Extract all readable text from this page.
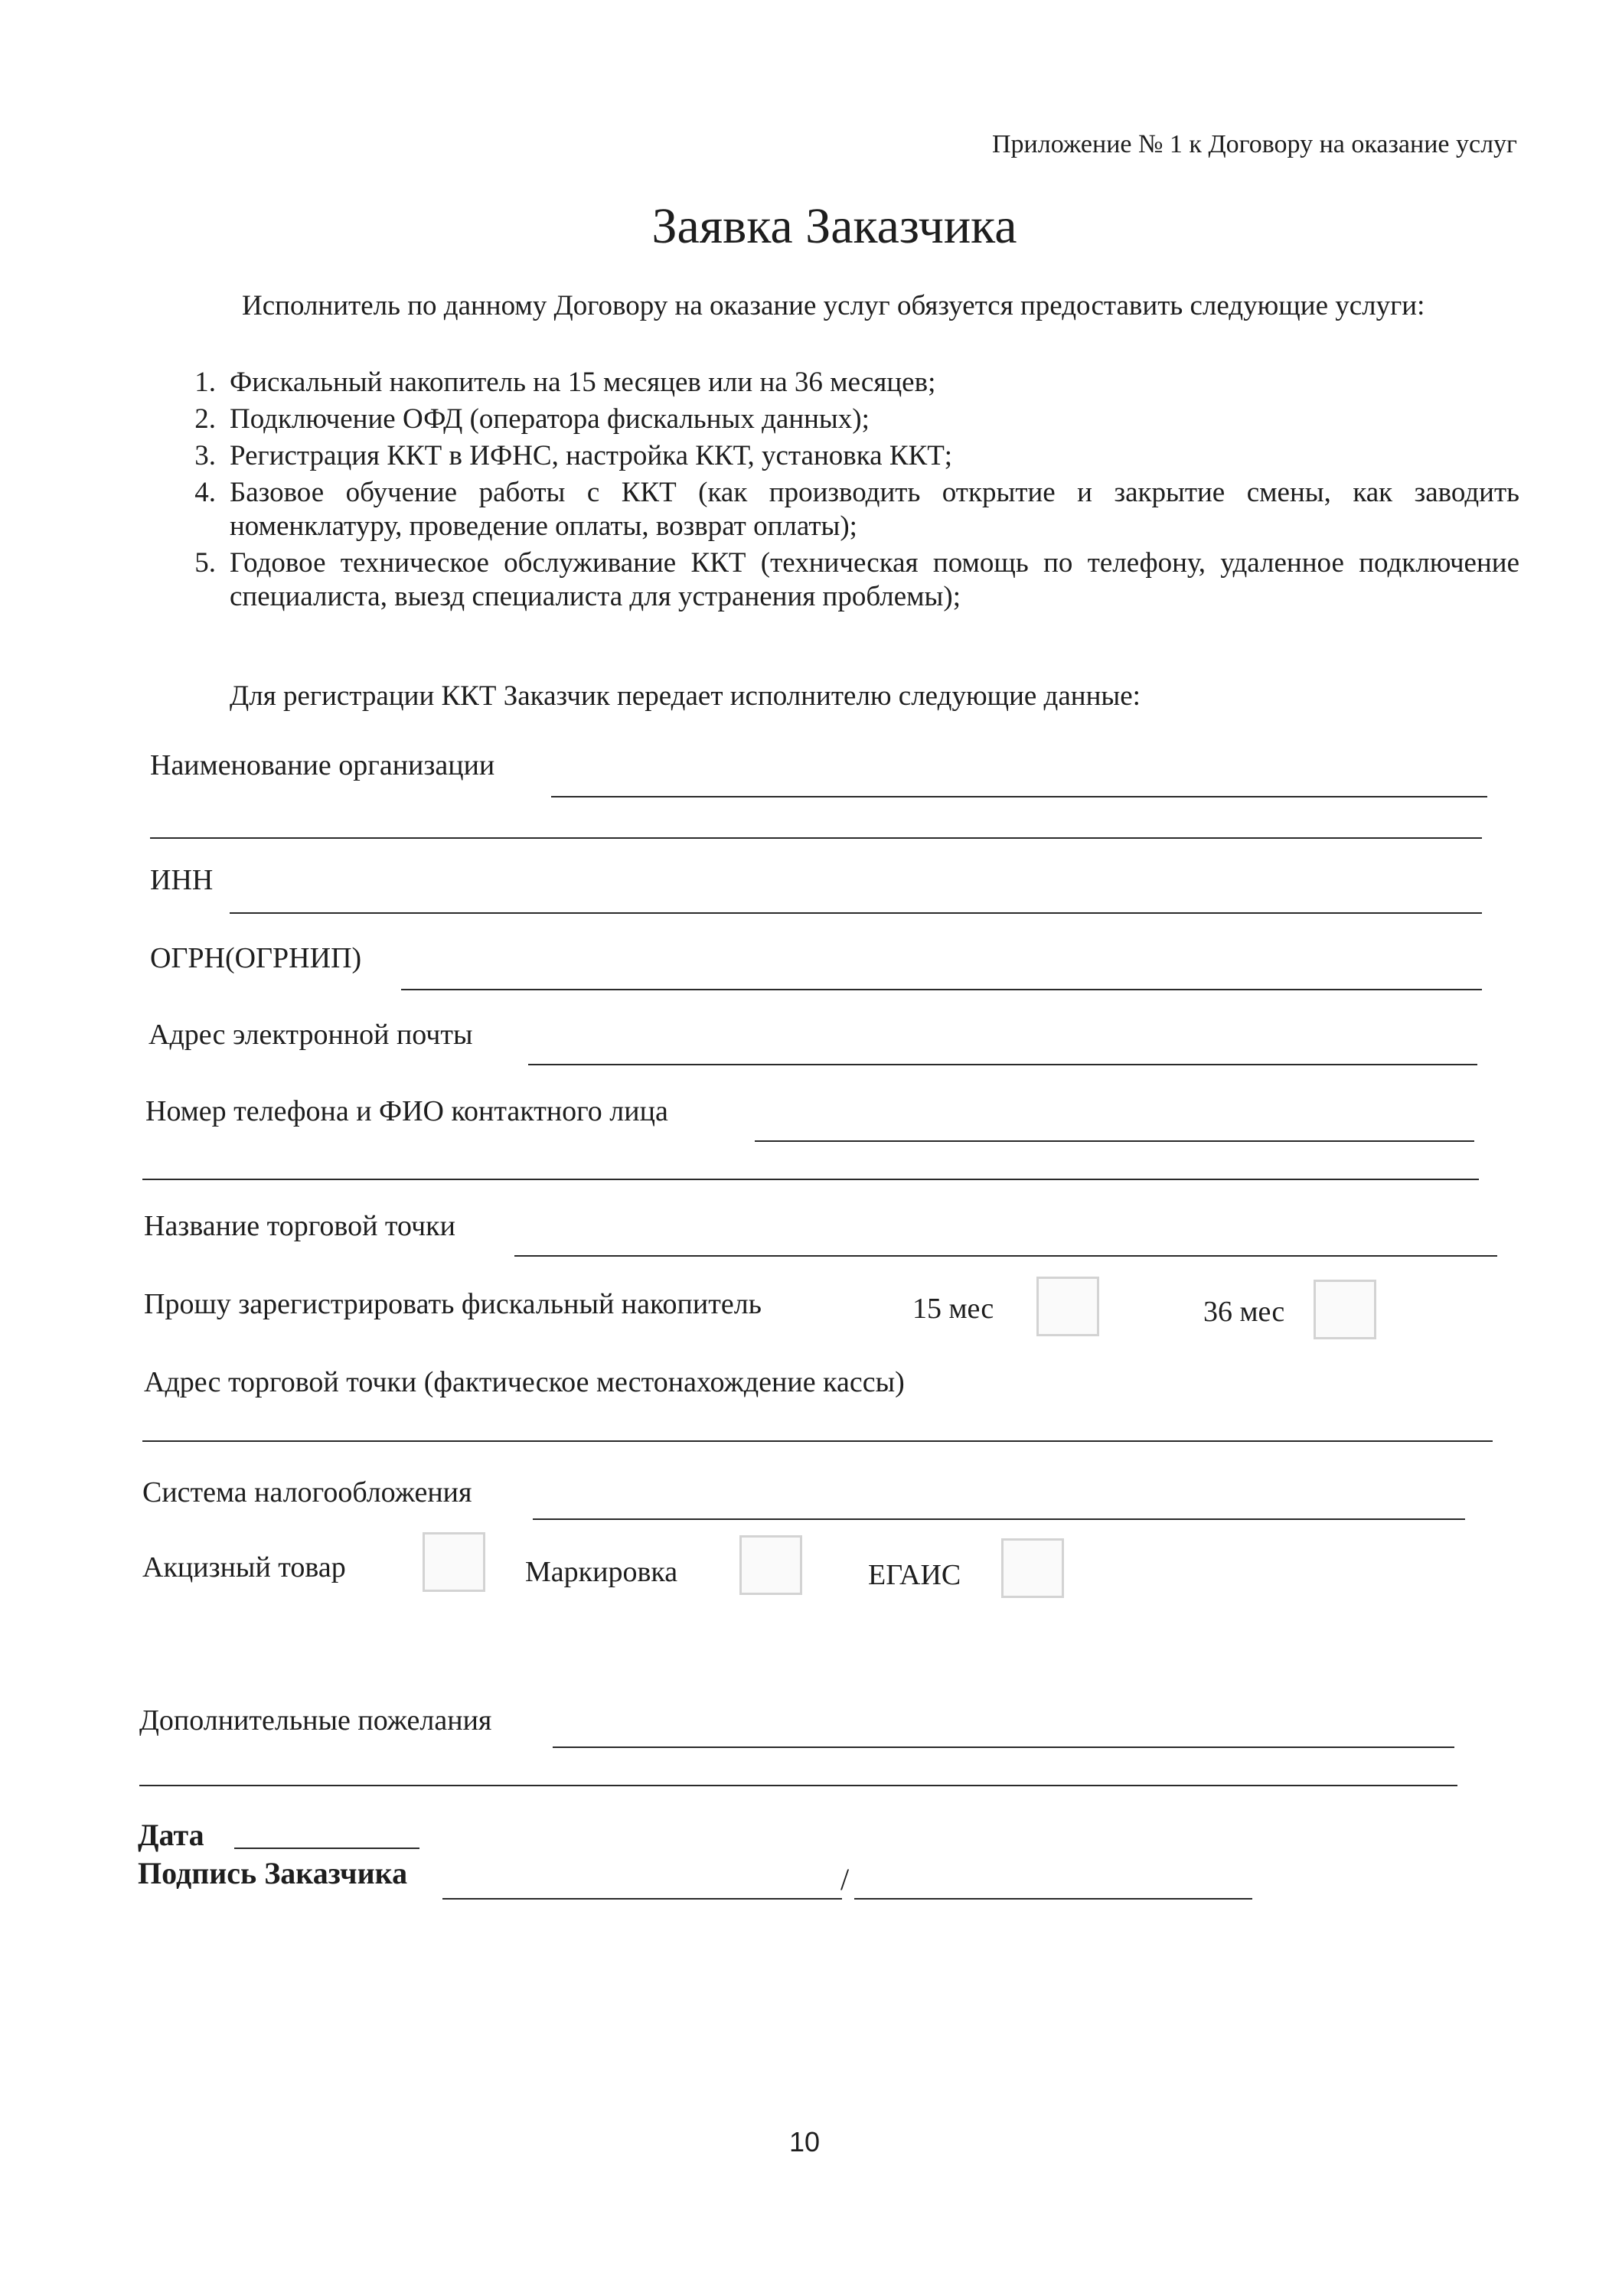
Приложение № 1 к Договору на оказание услуг
Заявка Заказчика

Исполнитель по данному Договору на оказание услуг обязуется предоставить следующие услуги:

1. Фискальный накопитель на 15 месяцев или на 36 месяцев;
2. Подключение ОФД (оператора фискальных данных);
3. Регистрация ККТ в ИФНС, настройка ККТ, установка ККТ;
4. Базовое обучение работы с ККТ (как производить открытие и закрытие смены, как заводить номенклатуру, проведение оплаты, возврат оплаты);
5. Годовое техническое обслуживание ККТ (техническая помощь по телефону, удаленное подключение специалиста, выезд специалиста для устранения проблемы);
Для регистрации ККТ Заказчик передает исполнителю следующие данные:
Наименование организации
ИНН
ОГРН(ОГРНИП)
Адрес электронной почты
Номер телефона и ФИО контактного лица
Название торговой точки
Прошу зарегистрировать фискальный накопитель	15 мес	36 мес
Адрес торговой точки (фактическое местонахождение кассы)
Система налогообложения
Акцизный товар	Маркировка	ЕГАИС
Дополнительные пожелания
Дата
Подпись Заказчика	/
10
